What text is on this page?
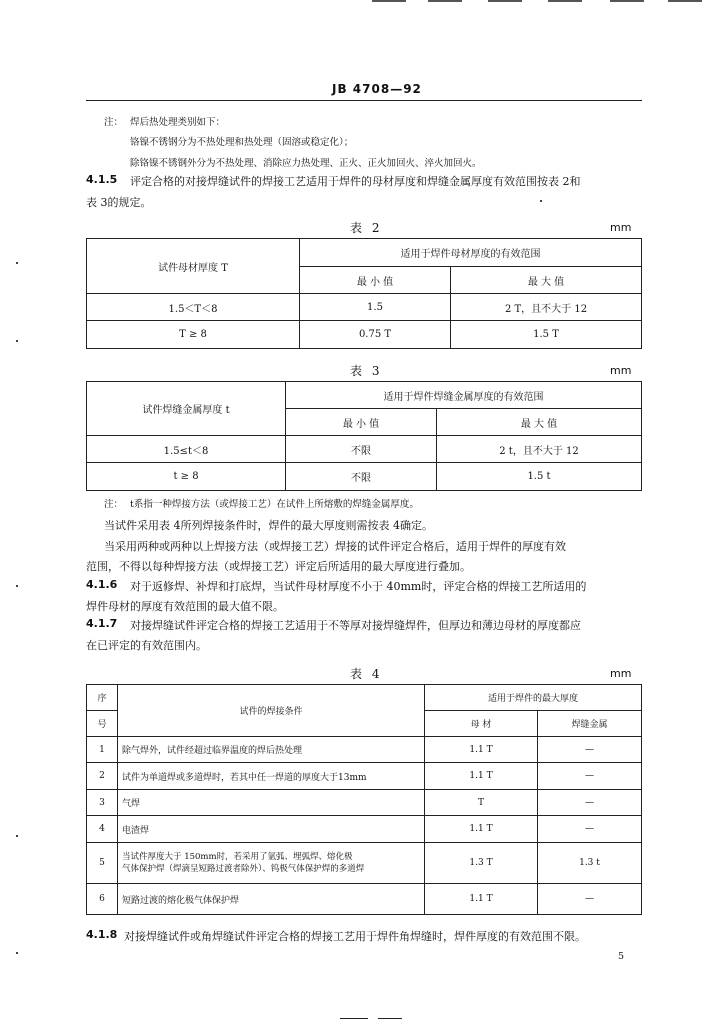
JB 4708—92
注： 焊后热处理类别如下：
铬镍不锈钢分为不热处理和热处理（固溶或稳定化）；
除铬镍不锈钢外分为不热处理、消除应力热处理、正火、正火加回火、淬火加回火。
4.1.5 评定合格的对接焊缝试件的焊接工艺适用于焊件的母材厚度和焊缝金属厚度有效范围按表 2和
表 3的规定。
表 2	mm
试件母材厚度 T	适用于焊件母材厚度的有效范围	
	最 小 值	最 大 值
1.5＜T＜8	1.5	2 T，且不大于 12
T ≥ 8	0.75 T	1.5 T
表 3	mm
试件焊缝金属厚度 t	适用于焊件焊缝金属厚度的有效范围	
	最 小 值	最 大 值
1.5≤t＜8	不限	2 t，且不大于 12
t ≥ 8	不限	1.5 t
注： t系指一种焊接方法（或焊接工艺）在试件上所熔敷的焊缝金属厚度。
当试件采用表 4所列焊接条件时，焊件的最大厚度则需按表 4确定。
当采用两种或两种以上焊接方法（或焊接工艺）焊接的试件评定合格后，适用于焊件的厚度有效
范围，不得以每种焊接方法（或焊接工艺）评定后所适用的最大厚度进行叠加。
4.1.6 对于返修焊、补焊和打底焊，当试件母材厚度不小于 40mm时，评定合格的焊接工艺所适用的
焊件母材的厚度有效范围的最大值不限。
4.1.7 对接焊缝试件评定合格的焊接工艺适用于不等厚对接焊缝焊件，但厚边和薄边母材的厚度都应
在已评定的有效范围内。
表 4	mm
序	试件的焊接条件	适用于焊件的最大厚度	
号		母 材	焊缝金属
1	除气焊外，试件经超过临界温度的焊后热处理	1.1 T	—
2	试件为单道焊或多道焊时，若其中任一焊道的厚度大于13mm	1.1 T	—
3	气焊	T	—
4	电渣焊	1.1 T	—
5	当试件厚度大于 150mm时，若采用了氩弧、埋弧焊、熔化极
气体保护焊（焊滴呈短路过渡者除外）、钨极气体保护焊的多道焊	1.3 T	1.3 t
6	短路过渡的熔化极气体保护焊	1.1 T	—
4.1.8 对接焊缝试件或角焊缝试件评定合格的焊接工艺用于焊件角焊缝时，焊件厚度的有效范围不限。
5
